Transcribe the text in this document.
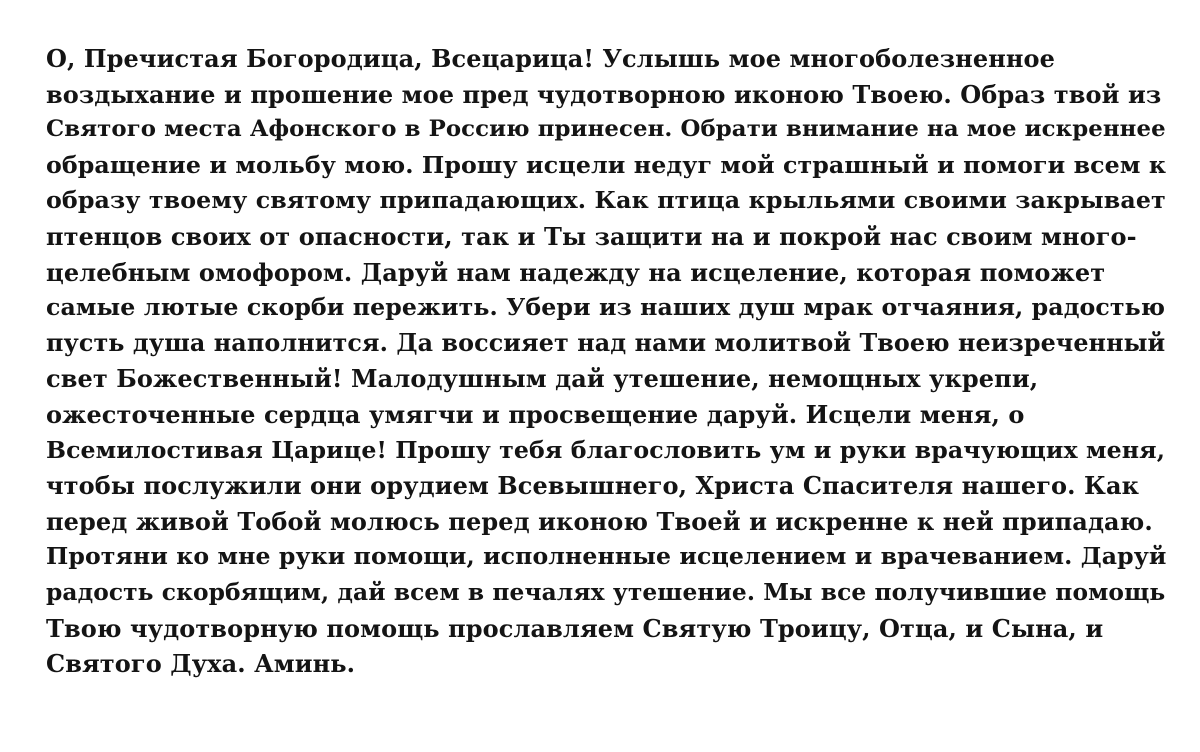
О, Пречистая Богородица, Всецарица! Услышь мое многоболезненное
воздыхание и прошение мое пред чудотворною иконою Твоею. Образ твой из
Святого места Афонского в Россию принесен. Обрати внимание на мое искреннее
обращение и мольбу мою. Прошу исцели недуг мой страшный и помоги всем к
образу твоему святому припадающих. Как птица крыльями своими закрывает
птенцов своих от опасности, так и Ты защити на и покрой нас своим много-
целебным омофором. Даруй нам надежду на исцеление, которая поможет
самые лютые скорби пережить. Убери из наших душ мрак отчаяния, радостью
пусть душа наполнится. Да воссияет над нами молитвой Твоею неизреченный
свет Божественный! Малодушным дай утешение, немощных укрепи,
ожесточенные сердца умягчи и просвещение даруй. Исцели меня, о
Всемилостивая Царице! Прошу тебя благословить ум и руки врачующих меня,
чтобы послужили они орудием Всевышнего, Христа Спасителя нашего. Как
перед живой Тобой молюсь перед иконою Твоей и искренне к ней припадаю.
Протяни ко мне руки помощи, исполненные исцелением и врачеванием. Даруй
радость скорбящим, дай всем в печалях утешение. Мы все получившие помощь
Твою чудотворную помощь прославляем Святую Троицу, Отца, и Сына, и
Святого Духа. Аминь.
